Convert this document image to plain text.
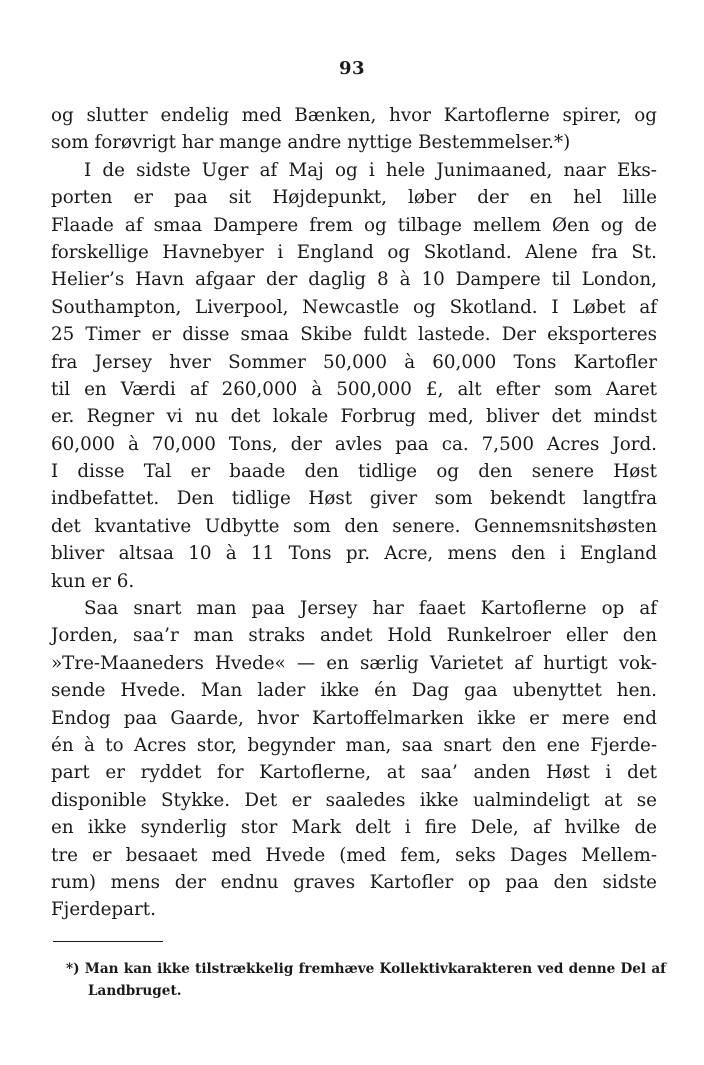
93
og slutter endelig med Bænken, hvor Kartoflerne spirer, og
som forøvrigt har mange andre nyttige Bestemmelser.*)
I de sidste Uger af Maj og i hele Junimaaned, naar Eks-
porten er paa sit Højdepunkt, løber der en hel lille
Flaade af smaa Dampere frem og tilbage mellem Øen og de
forskellige Havnebyer i England og Skotland. Alene fra St.
Helier’s Havn afgaar der daglig 8 à 10 Dampere til London,
Southampton, Liverpool, Newcastle og Skotland. I Løbet af
25 Timer er disse smaa Skibe fuldt lastede. Der eksporteres
fra Jersey hver Sommer 50,000 à 60,000 Tons Kartofler
til en Værdi af 260,000 à 500,000 £, alt efter som Aaret
er. Regner vi nu det lokale Forbrug med, bliver det mindst
60,000 à 70,000 Tons, der avles paa ca. 7,500 Acres Jord.
I disse Tal er baade den tidlige og den senere Høst
indbefattet. Den tidlige Høst giver som bekendt langtfra
det kvantative Udbytte som den senere. Gennemsnitshøsten
bliver altsaa 10 à 11 Tons pr. Acre, mens den i England
kun er 6.
Saa snart man paa Jersey har faaet Kartoflerne op af
Jorden, saa’r man straks andet Hold Runkelroer eller den
»Tre-Maaneders Hvede« — en særlig Varietet af hurtigt vok-
sende Hvede. Man lader ikke én Dag gaa ubenyttet hen.
Endog paa Gaarde, hvor Kartoffelmarken ikke er mere end
én à to Acres stor, begynder man, saa snart den ene Fjerde-
part er ryddet for Kartoflerne, at saa’ anden Høst i det
disponible Stykke. Det er saaledes ikke ualmindeligt at se
en ikke synderlig stor Mark delt i fire Dele, af hvilke de
tre er besaaet med Hvede (med fem, seks Dages Mellem-
rum) mens der endnu graves Kartofler op paa den sidste
Fjerdepart.
*) Man kan ikke tilstrækkelig fremhæve Kollektivkarakteren ved denne Del af
Landbruget.
